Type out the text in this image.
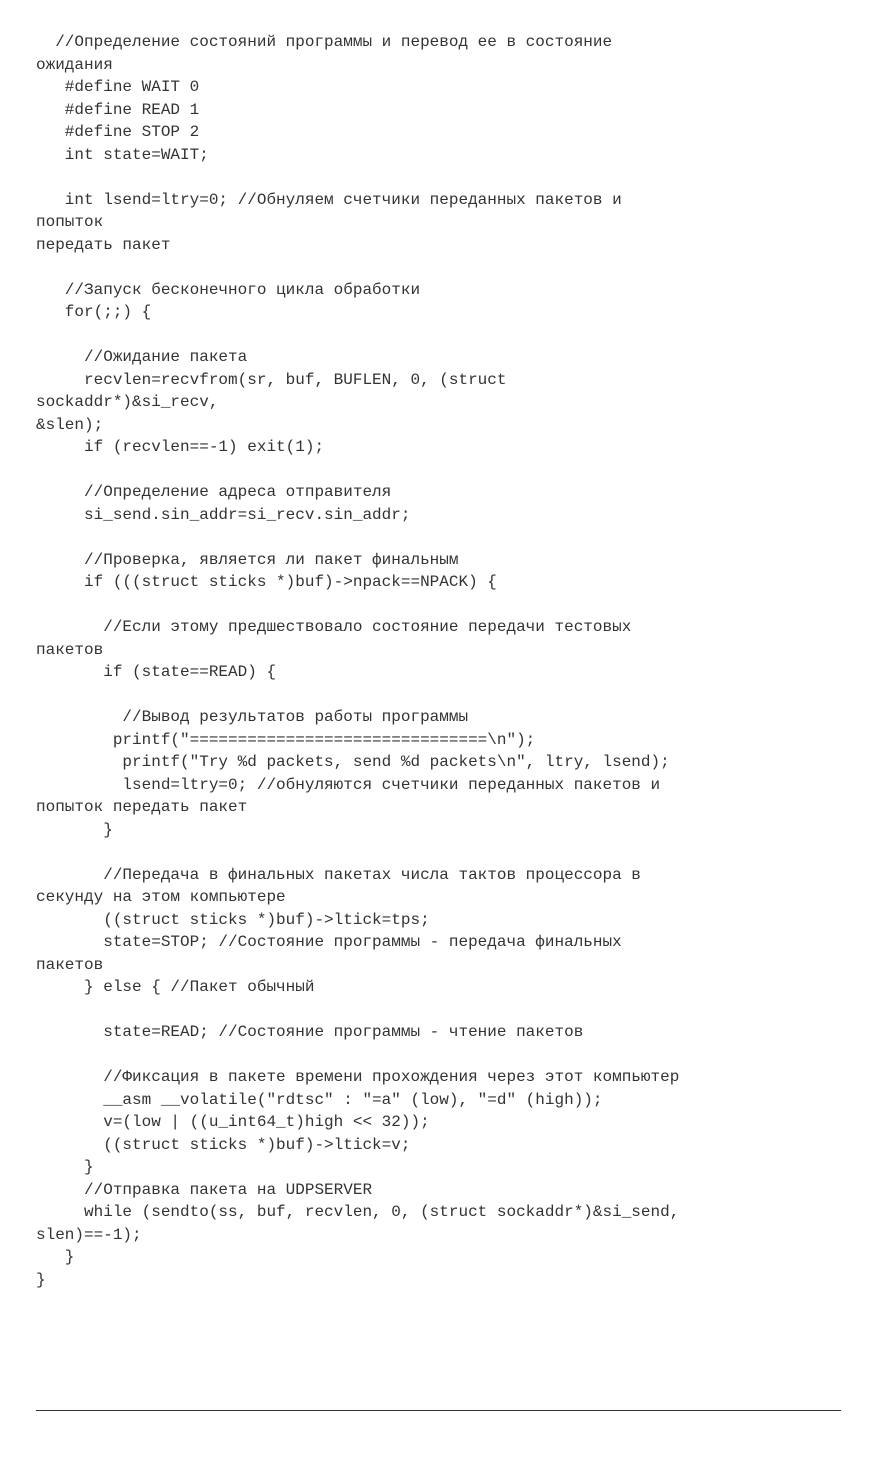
//Определение состояний программы и перевод ее в состояние
ожидания
#define WAIT 0
#define READ 1
#define STOP 2
int state=WAIT;
int lsend=ltry=0; //Обнуляем счетчики переданных пакетов и
попыток
передать пакет
//Запуск бесконечного цикла обработки
for(;;) {
//Ожидание пакета
recvlen=recvfrom(sr, buf, BUFLEN, 0, (struct
sockaddr*)&si_recv,
&slen);
if (recvlen==-1) exit(1);
//Определение адреса отправителя
si_send.sin_addr=si_recv.sin_addr;
//Проверка, является ли пакет финальным
if (((struct sticks *)buf)->npack==NPACK) {
//Если этому предшествовало состояние передачи тестовых
пакетов
if (state==READ) {
//Вывод результатов работы программы
printf("===============================\n");
printf("Try %d packets, send %d packets\n", ltry, lsend);
lsend=ltry=0; //обнуляются счетчики переданных пакетов и
попыток передать пакет
}
//Передача в финальных пакетах числа тактов процессора в
секунду на этом компьютере
((struct sticks *)buf)->ltick=tps;
state=STOP; //Состояние программы - передача финальных
пакетов
} else { //Пакет обычный
state=READ; //Состояние программы - чтение пакетов
//Фиксация в пакете времени прохождения через этот компьютер
__asm __volatile("rdtsc" : "=a" (low), "=d" (high));
v=(low | ((u_int64_t)high << 32));
((struct sticks *)buf)->ltick=v;
}
//Отправка пакета на UDPSERVER
while (sendto(ss, buf, recvlen, 0, (struct sockaddr*)&si_send,
slen)==-1);
}
}
